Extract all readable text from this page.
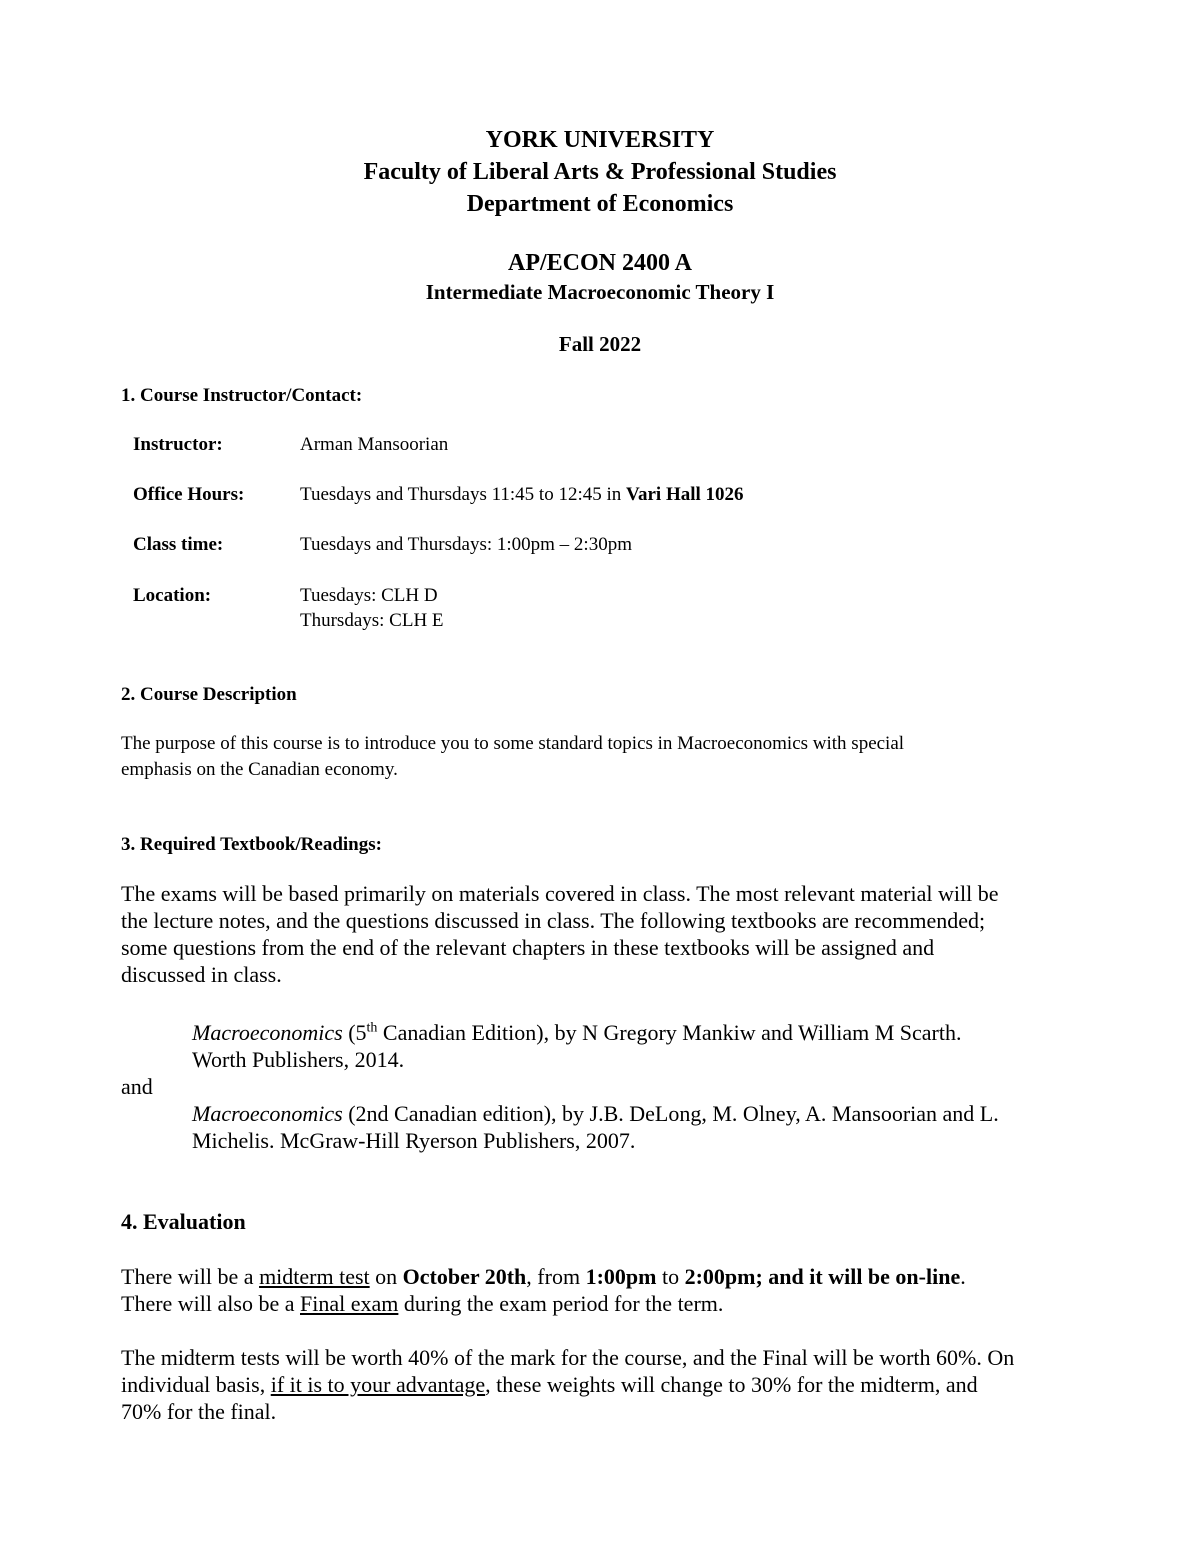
YORK UNIVERSITY
Faculty of Liberal Arts & Professional Studies
Department of Economics
AP/ECON 2400 A
Intermediate Macroeconomic Theory I
Fall 2022
1. Course Instructor/Contact:
Instructor:	Arman Mansoorian
Office Hours:	Tuesdays and Thursdays 11:45 to 12:45 in Vari Hall 1026
Class time:	Tuesdays and Thursdays: 1:00pm – 2:30pm
Location:	Tuesdays: CLH D
Thursdays: CLH E
2. Course Description
The purpose of this course is to introduce you to some standard topics in Macroeconomics with special
emphasis on the Canadian economy.
3. Required Textbook/Readings:
The exams will be based primarily on materials covered in class. The most relevant material will be
the lecture notes, and the questions discussed in class. The following textbooks are recommended;
some questions from the end of the relevant chapters in these textbooks will be assigned and
discussed in class.
Macroeconomics (5th Canadian Edition), by N Gregory Mankiw and William M Scarth.
Worth Publishers, 2014.
and
Macroeconomics (2nd Canadian edition), by J.B. DeLong, M. Olney, A. Mansoorian and L.
Michelis. McGraw-Hill Ryerson Publishers, 2007.
4. Evaluation
There will be a midterm test on October 20th, from 1:00pm to 2:00pm; and it will be on-line.
There will also be a Final exam during the exam period for the term.
The midterm tests will be worth 40% of the mark for the course, and the Final will be worth 60%. On
individual basis, if it is to your advantage, these weights will change to 30% for the midterm, and
70% for the final.
